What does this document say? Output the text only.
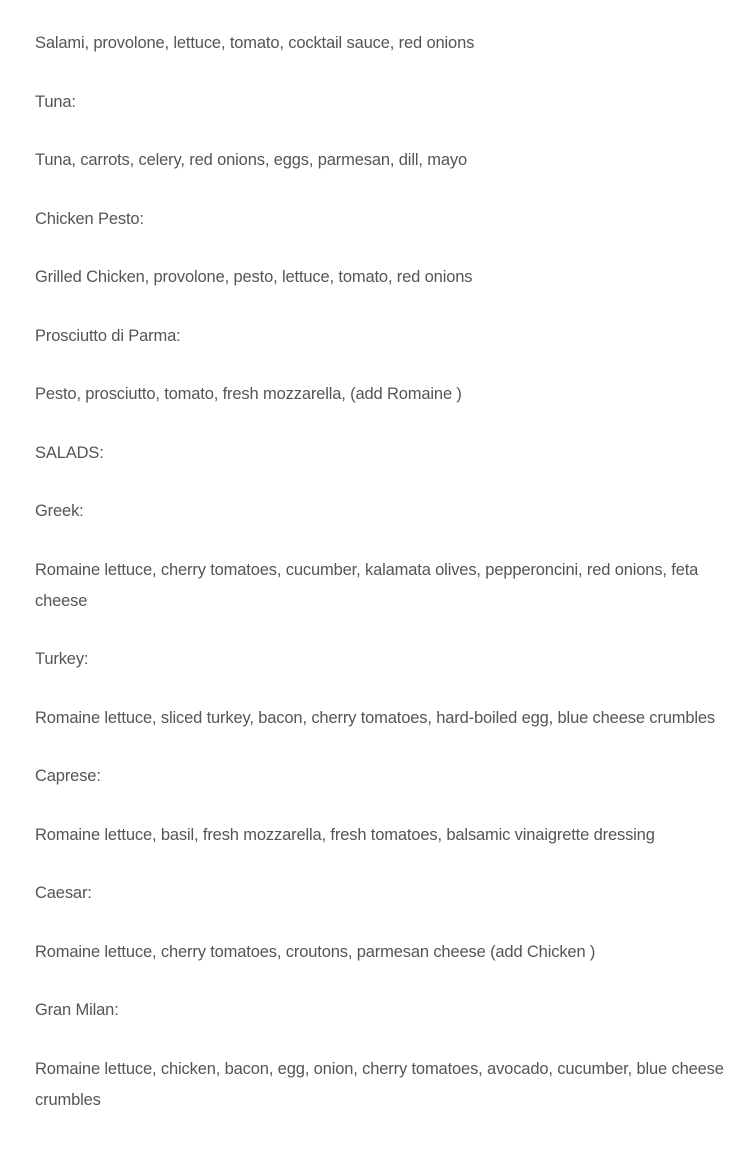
Salami, provolone, lettuce, tomato, cocktail sauce, red onions

Tuna:

Tuna, carrots, celery, red onions, eggs, parmesan, dill, mayo

Chicken Pesto:

Grilled Chicken, provolone, pesto, lettuce, tomato, red onions

Prosciutto di Parma:

Pesto, prosciutto, tomato, fresh mozzarella, (add Romaine )

SALADS:

Greek:

Romaine lettuce, cherry tomatoes, cucumber, kalamata olives, pepperoncini, red onions, feta cheese

Turkey:

Romaine lettuce, sliced turkey, bacon, cherry tomatoes, hard-boiled egg, blue cheese crumbles

Caprese:

Romaine lettuce, basil, fresh mozzarella, fresh tomatoes, balsamic vinaigrette dressing

Caesar:

Romaine lettuce, cherry tomatoes, croutons, parmesan cheese (add Chicken )

Gran Milan:

Romaine lettuce, chicken, bacon, egg, onion, cherry tomatoes, avocado, cucumber, blue cheese crumbles
